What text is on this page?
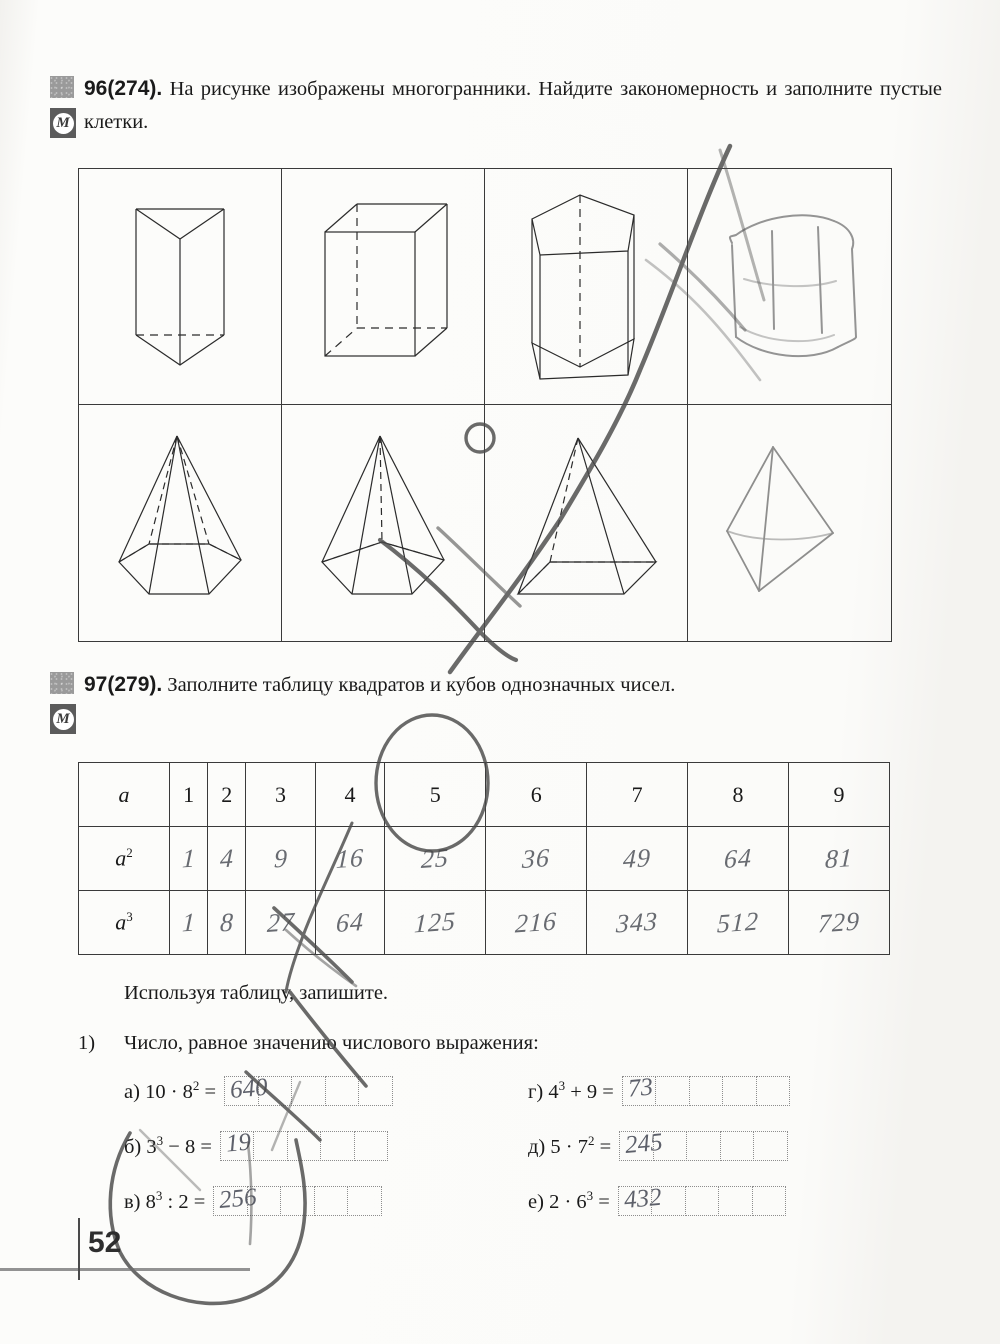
M
96(274). На рисунке изображены многогранники. Найдите закономерность и заполните пустые клетки.
M
97(279). Заполните таблицу квадратов и кубов однозначных чисел.
a	1	2	3	4	5	6	7	8	9
$a^2$	1	4	9	16	25	36	49	64	81
$a^3$	1	8	27	64	125	216	343	512	729
Используя таблицу, запишите.
1) Число, равное значению числового выражения:
а) $10 \cdot 8^2 = 640$
б) $3^3 - 8 = 19$
в) $8^3$ : 2 = 256
г) $4^3 + 9 = 73$
д) $5 \cdot 7^2 = 245$
е) $2 \cdot 6^3 = 432$
52
